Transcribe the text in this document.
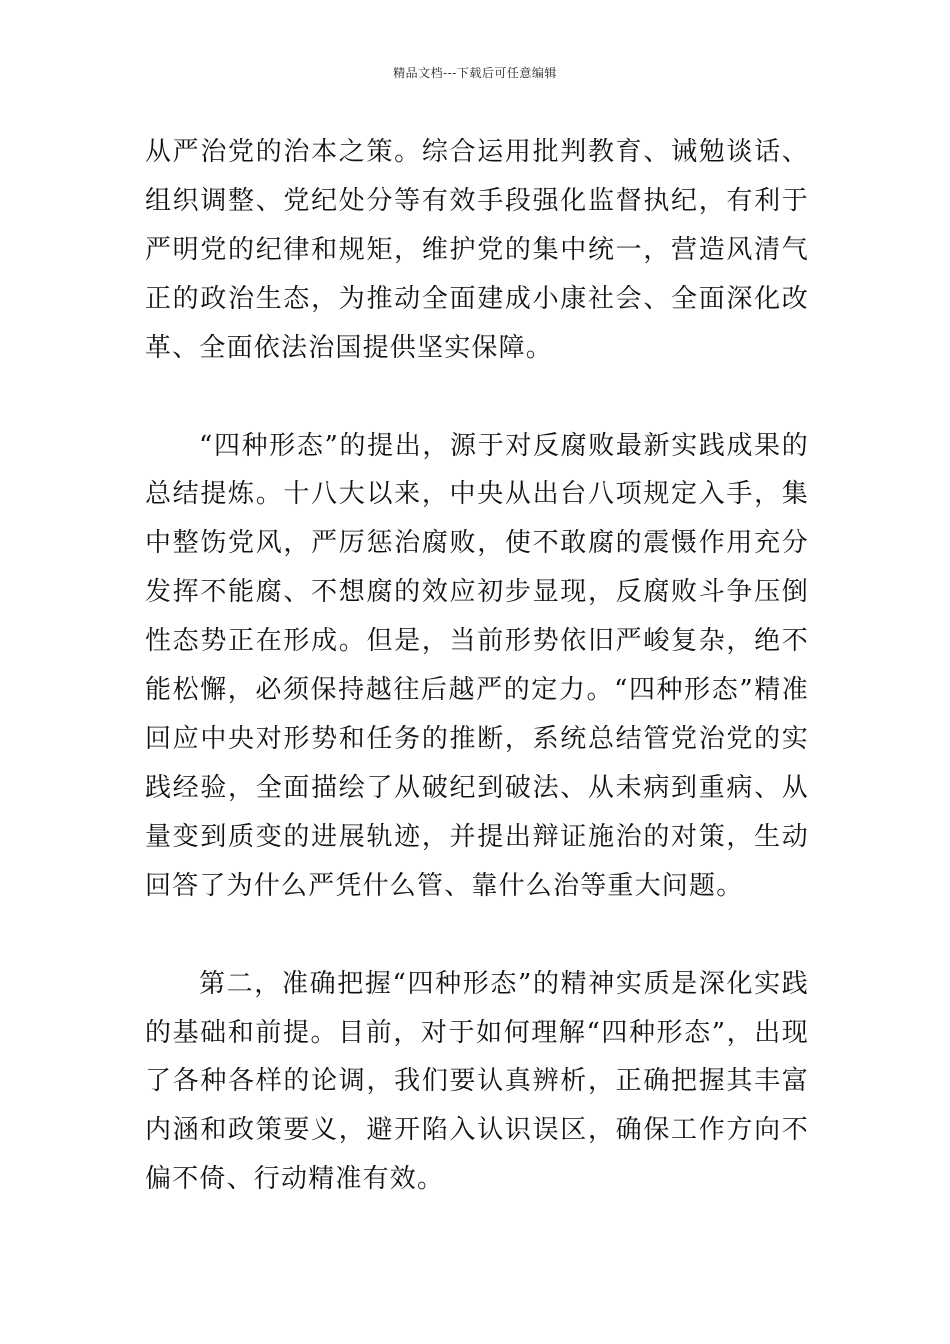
精品文档---下载后可任意编辑

从严治党的治本之策。综合运用批判教育、诫勉谈话、组织调整、党纪处分等有效手段强化监督执纪，有利于严明党的纪律和规矩，维护党的集中统一，营造风清气正的政治生态，为推动全面建成小康社会、全面深化改革、全面依法治国提供坚实保障。

“四种形态”的提出，源于对反腐败最新实践成果的总结提炼。十八大以来，中央从出台八项规定入手，集中整饬党风，严厉惩治腐败，使不敢腐的震慑作用充分发挥不能腐、不想腐的效应初步显现，反腐败斗争压倒性态势正在形成。但是，当前形势依旧严峻复杂，绝不能松懈，必须保持越往后越严的定力。“四种形态”精准回应中央对形势和任务的推断，系统总结管党治党的实践经验，全面描绘了从破纪到破法、从未病到重病、从量变到质变的进展轨迹，并提出辩证施治的对策，生动回答了为什么严凭什么管、靠什么治等重大问题。

第二，准确把握“四种形态”的精神实质是深化实践的基础和前提。目前，对于如何理解“四种形态”，出现了各种各样的论调，我们要认真辨析，正确把握其丰富内涵和政策要义，避开陷入认识误区，确保工作方向不偏不倚、行动精准有效。
